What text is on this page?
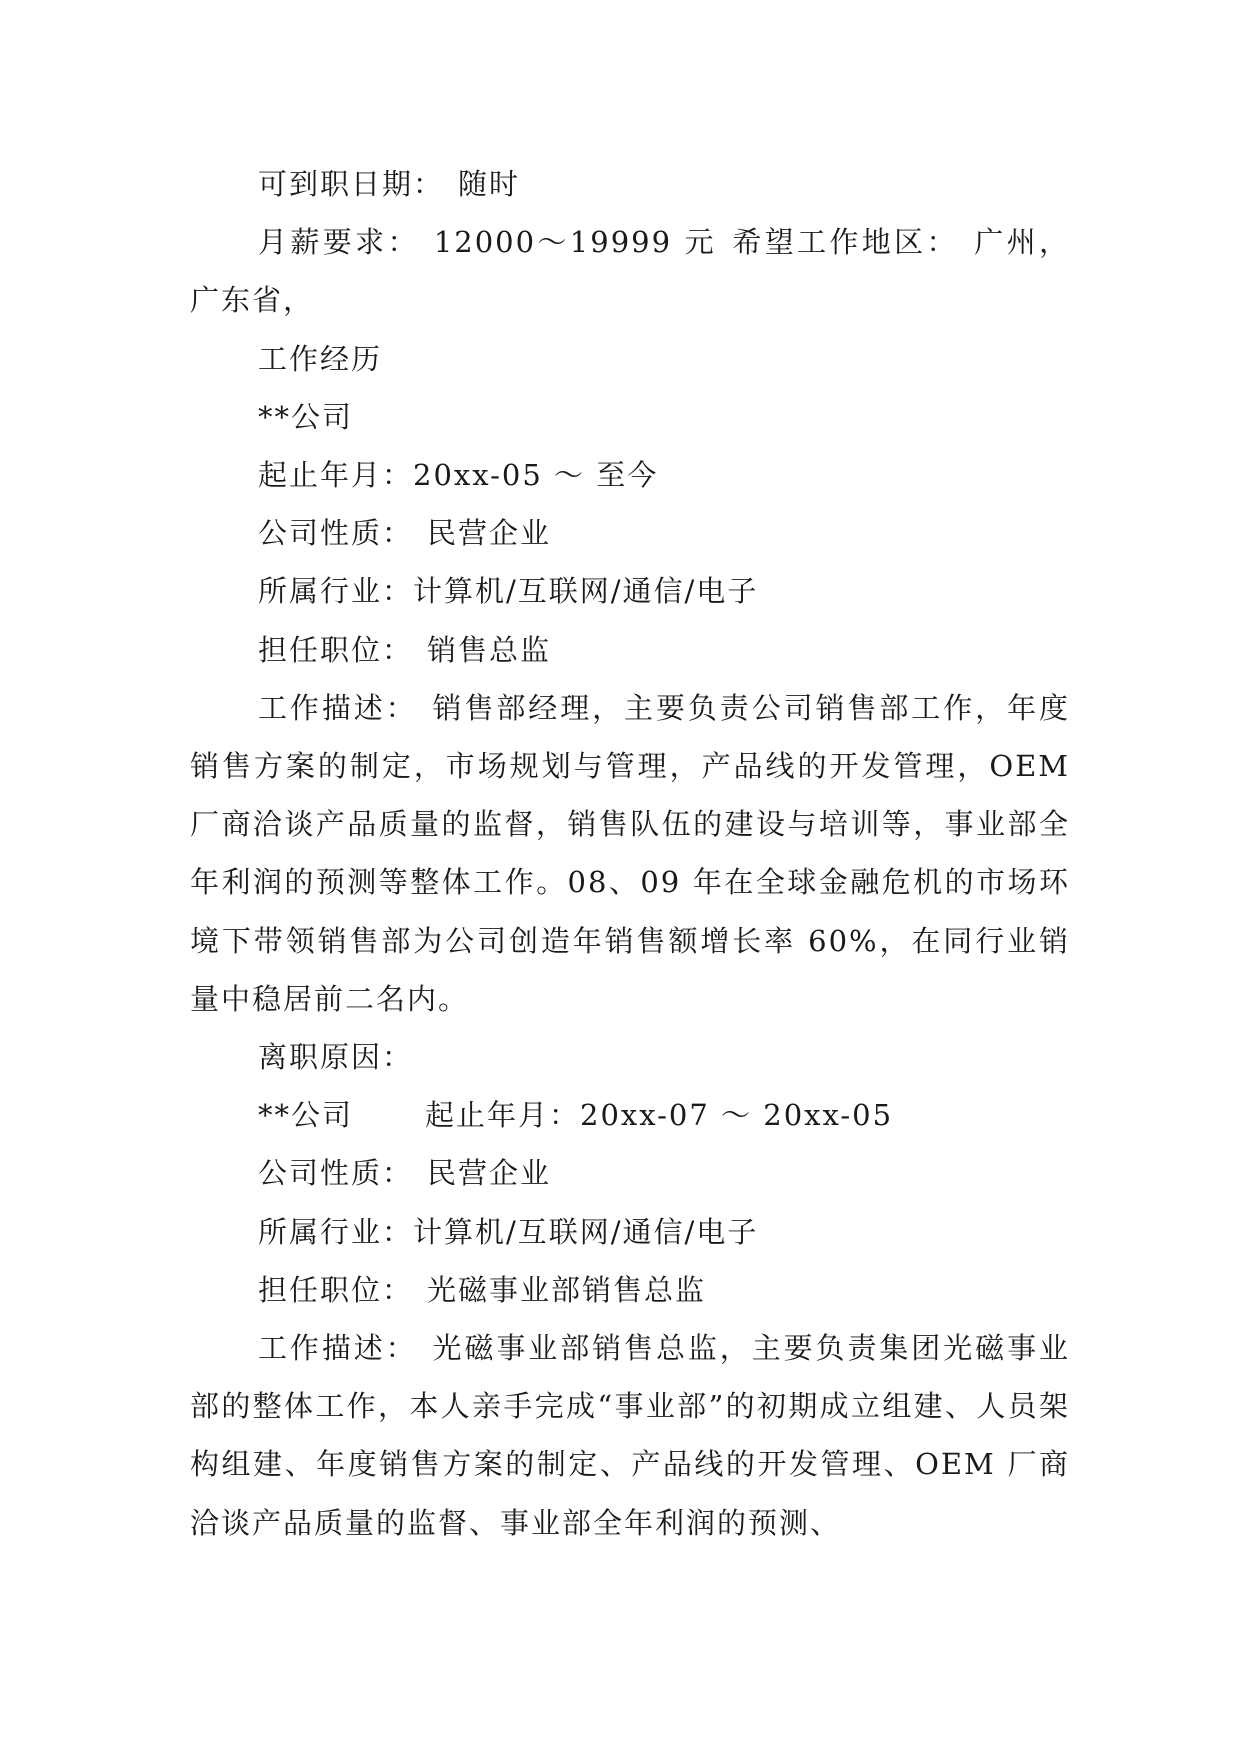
可到职日期： 随时

月薪要求： 12000～19999 元 希望工作地区： 广州，广东省，

工作经历

**公司

起止年月：20xx-05 ～ 至今

公司性质： 民营企业

所属行业：计算机/互联网/通信/电子

担任职位： 销售总监

工作描述： 销售部经理，主要负责公司销售部工作，年度销售方案的制定，市场规划与管理，产品线的开发管理，OEM 厂商洽谈产品质量的监督，销售队伍的建设与培训等，事业部全年利润的预测等整体工作。08、09 年在全球金融危机的市场环境下带领销售部为公司创造年销售额增长率 60%，在同行业销量中稳居前二名内。

离职原因：

**公司 起止年月：20xx-07 ～ 20xx-05

公司性质： 民营企业

所属行业：计算机/互联网/通信/电子

担任职位： 光磁事业部销售总监

工作描述： 光磁事业部销售总监，主要负责集团光磁事业部的整体工作，本人亲手完成“事业部”的初期成立组建、人员架构组建、年度销售方案的制定、产品线的开发管理、OEM 厂商洽谈产品质量的监督、事业部全年利润的预测、
